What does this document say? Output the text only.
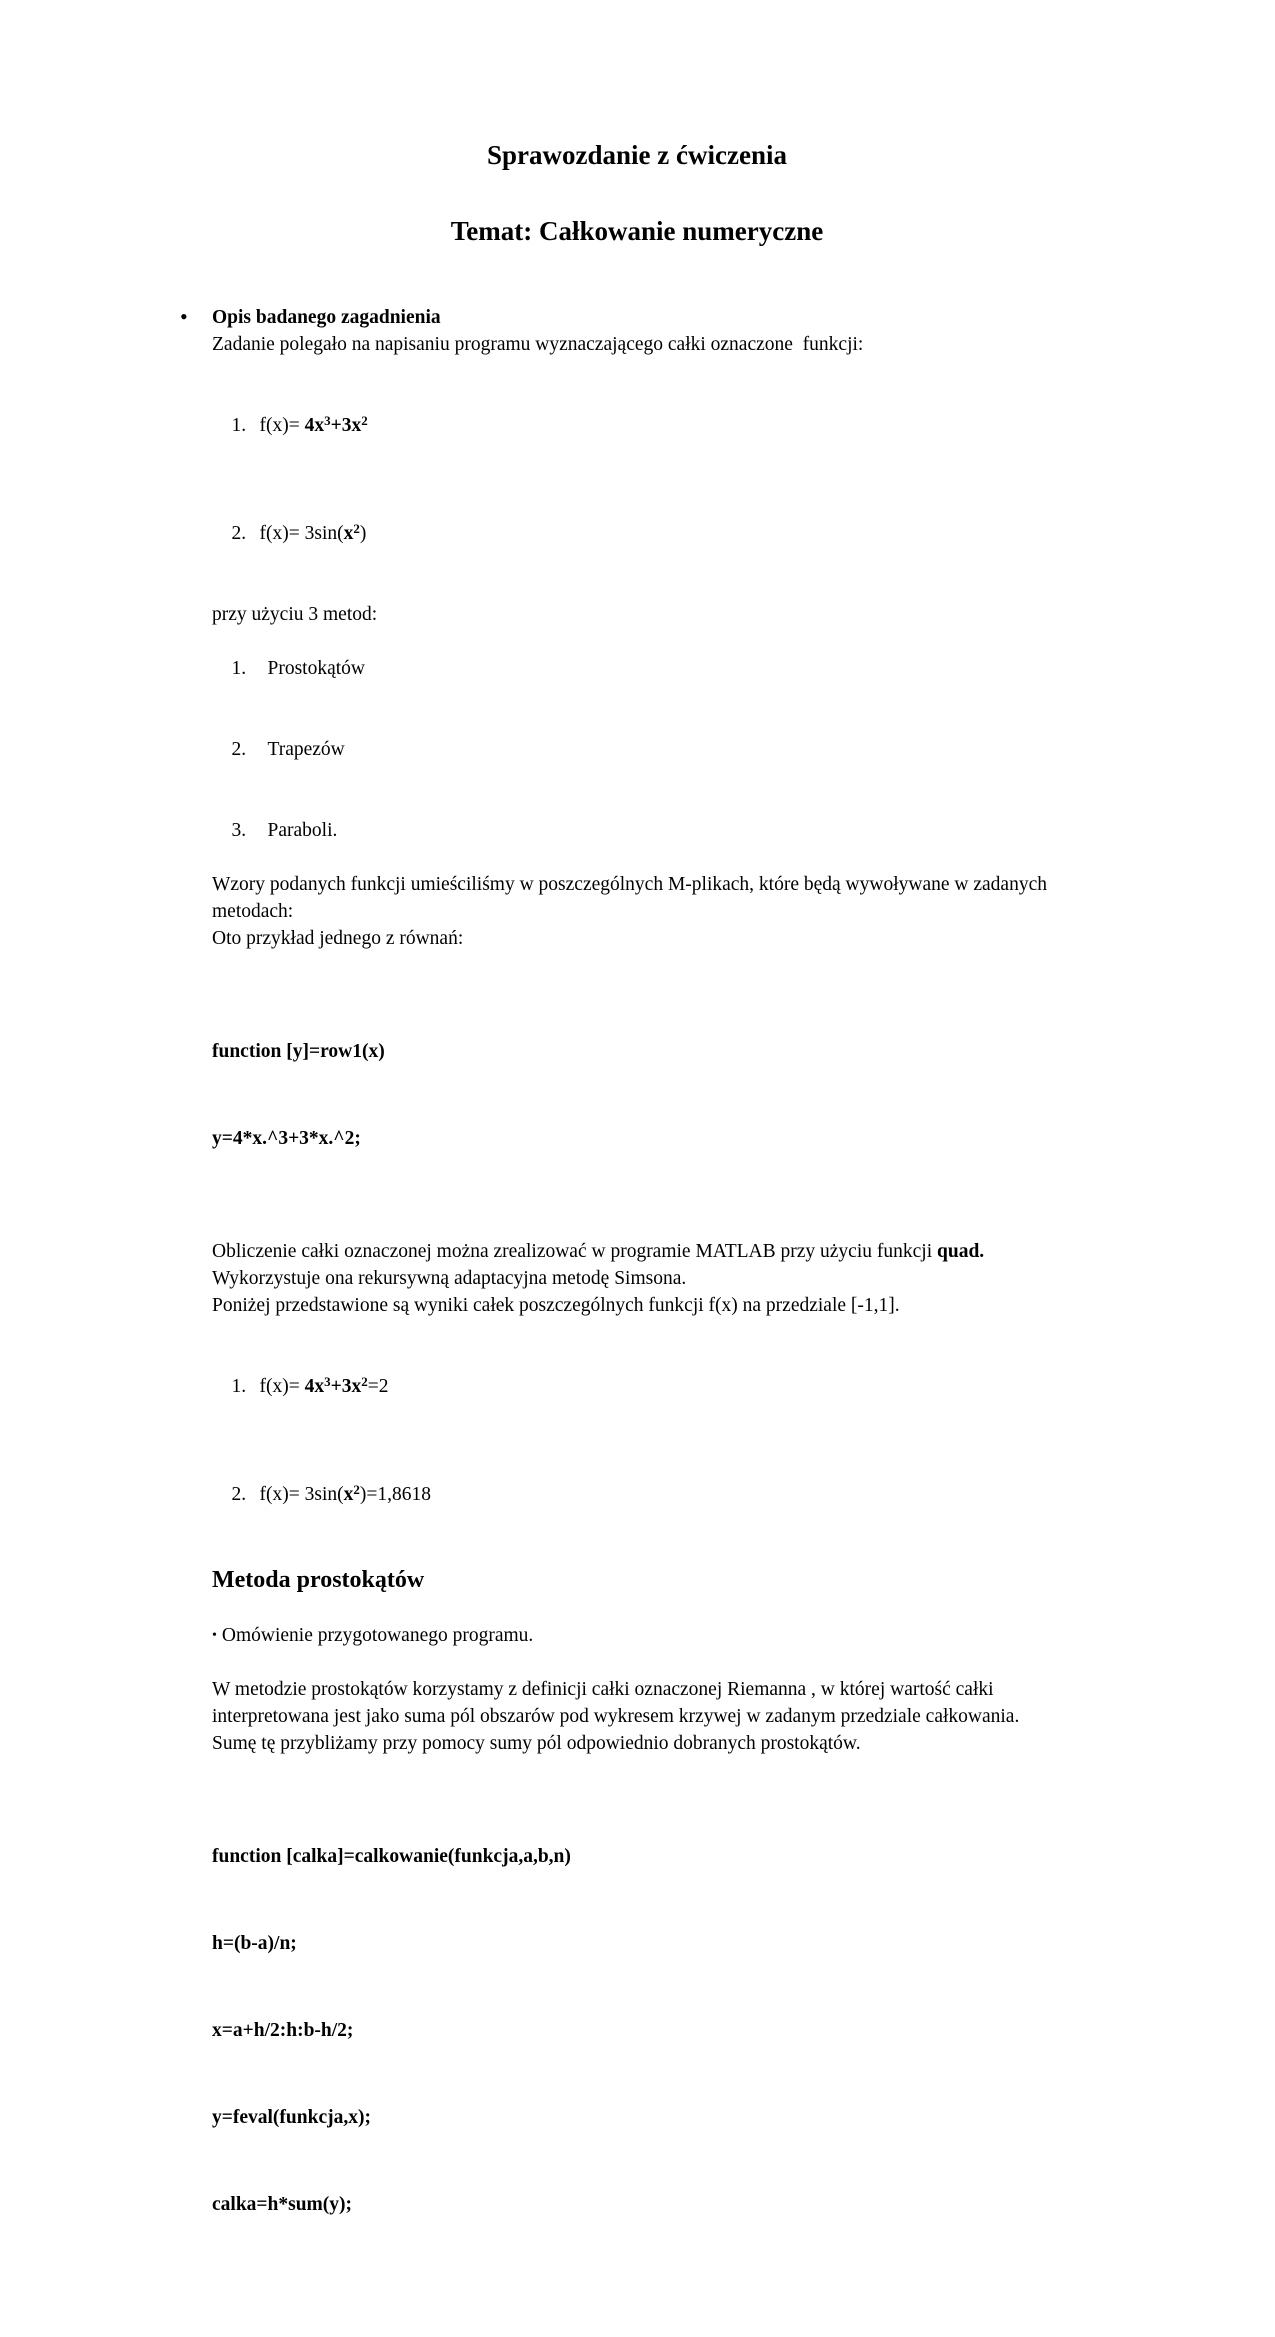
Sprawozdanie z ćwiczenia
Temat: Całkowanie numeryczne
• Opis badanego zagadnienia

Zadanie polegało na napisaniu programu wyznaczającego całki oznaczone  funkcji:

1. $f(x)= 4x^3+3x^2$

2. $f(x)= 3\sin(x^2)$

przy użyciu 3 metod:

1. Prostokątów

2. Trapezów

3. Paraboli.

Wzory podanych funkcji umieściliśmy w poszczególnych M-plikach, które będą wywoływane w zadanych metodach:

Oto przykład jednego z równań:

function [y]=row1(x)

y=4*x.^3+3*x.^2;

Obliczenie całki oznaczonej można zrealizować w programie MATLAB przy użyciu funkcji quad.  Wykorzystuje ona rekursywną adaptacyjna metodę Simsona.

Poniżej przedstawione są wyniki całek poszczególnych funkcji f(x) na przedziale [-1,1].

1. $f(x)= 4x^3+3x^2=2$

2. $f(x)= 3\sin(x^2)=1,8618$

Metoda prostokątów

• Omówienie przygotowanego programu.

W metodzie prostokątów korzystamy z definicji całki oznaczonej Riemanna , w której wartość całki interpretowana jest jako suma pól obszarów pod wykresem krzywej w zadanym przedziale całkowania. Sumę tę przybliżamy przy pomocy sumy pól odpowiednio dobranych prostokątów.

function [calka]=calkowanie(funkcja,a,b,n)

h=(b-a)/n;

x=a+h/2:h:b-h/2;

y=feval(funkcja,x);

calka=h*sum(y);
